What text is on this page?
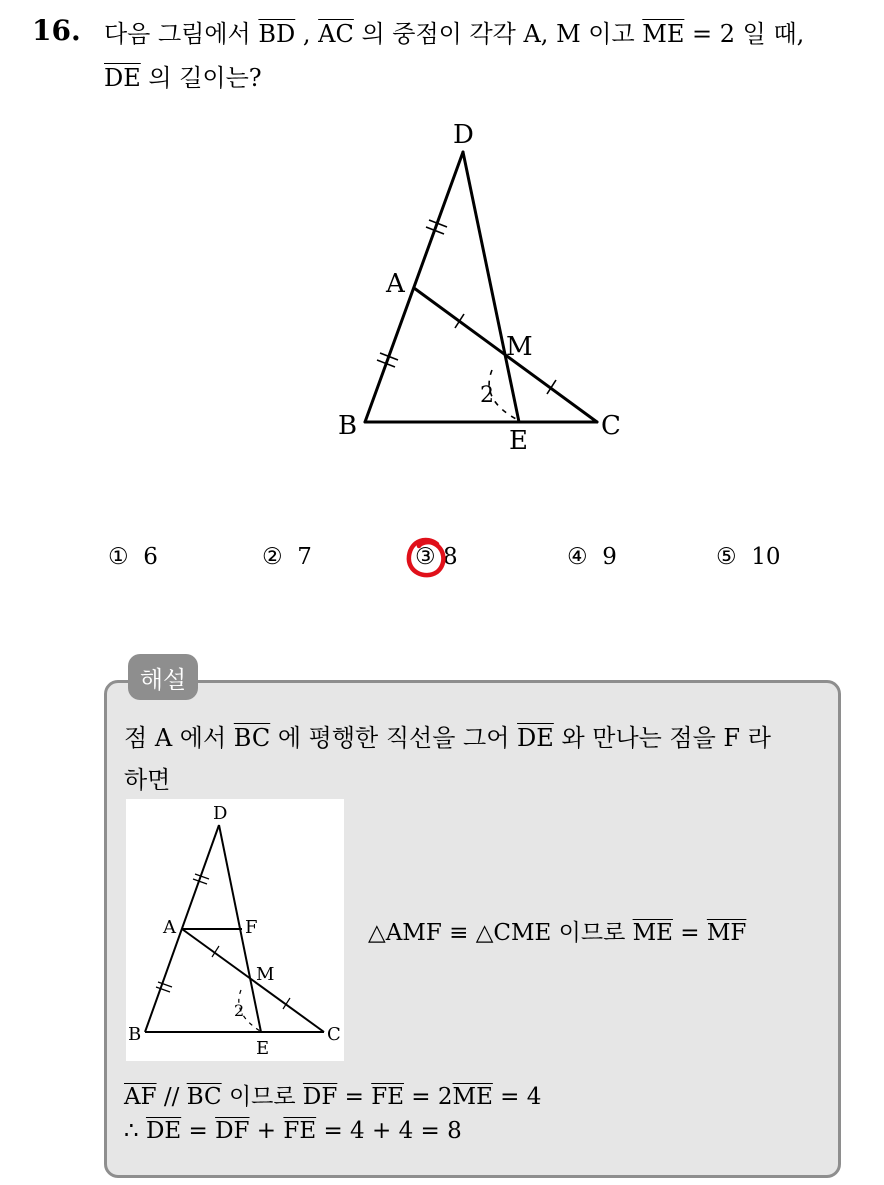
16. 다음 그림에서 $\overline{BD}$ , $\overline{AC}$ 의 중점이 각각 A, M 이고 $\overline{ME} = 2$ 일 때,
$\overline{DE}$ 의 길이는?
D
A
M
B	E	C
2
① 6	② 7	③ 8	④ 9	⑤ 10
해설
점 A 에서 $\overline{BC}$ 에 평행한 직선을 그어 $\overline{DE}$ 와 만나는 점을 F 라
하면
D
A	F
M
B
E
C
2
△AMF ≡ △CME 이므로 $\overline{ME} = \overline{MF}$
$\overline{AF} // \overline{BC}$ 이므로 $\overline{DF} = \overline{FE} = 2\overline{ME} = 4$
∴ $\overline{DE} = \overline{DF} + \overline{FE} = 4 + 4 = 8$
